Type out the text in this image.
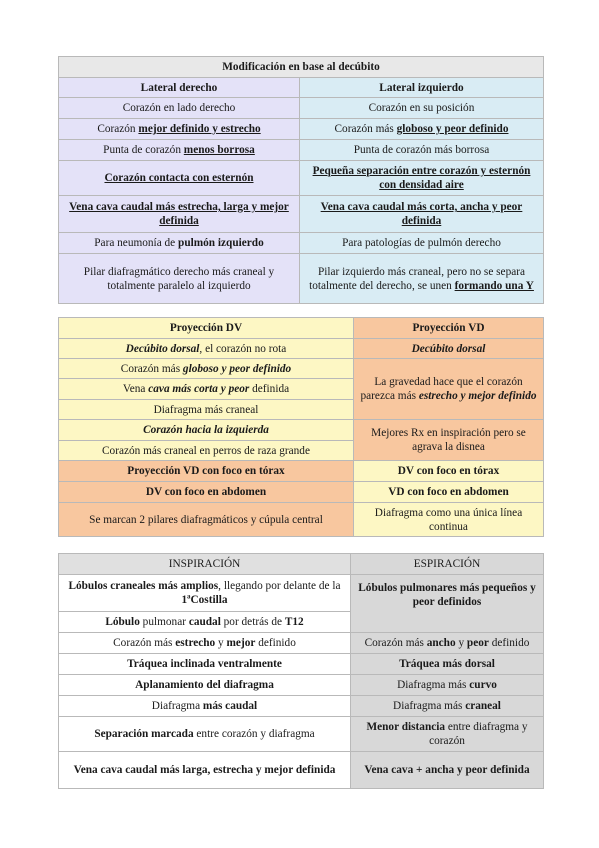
Modificación en base al decúbito	
Lateral derecho	Lateral izquierdo
Corazón en lado derecho	Corazón en su posición
Corazón mejor definido y estrecho	Corazón más globoso y peor definido
Punta de corazón menos borrosa	Punta de corazón más borrosa
Corazón contacta con esternón	Pequeña separación entre corazón y esternón con densidad aire
Vena cava caudal más estrecha, larga y mejor definida	Vena cava caudal más corta, ancha y peor definida
Para neumonía de pulmón izquierdo	Para patologías de pulmón derecho
Pilar diafragmático derecho más craneal y totalmente paralelo al izquierdo	Pilar izquierdo más craneal, pero no se separa totalmente del derecho, se unen formando una Y
Proyección DV	Proyección VD
Decúbito dorsal, el corazón no rota	Decúbito dorsal
Corazón más globoso y peor definido	La gravedad hace que el corazón parezca más estrecho y mejor definido
Vena cava más corta y peor definida	
Diafragma más craneal	
Corazón hacia la izquierda	Mejores Rx en inspiración pero se agrava la disnea
Corazón más craneal en perros de raza grande	
Proyección VD con foco en tórax	DV con foco en tórax
DV con foco en abdomen	VD con foco en abdomen
Se marcan 2 pilares diafragmáticos y cúpula central	Diafragma como una única línea continua
INSPIRACIÓN	ESPIRACIÓN
Lóbulos craneales más amplios, llegando por delante de la 1ªCostilla	Lóbulos pulmonares más pequeños y peor definidos
Lóbulo pulmonar caudal por detrás de T12	
Corazón más estrecho y mejor definido	Corazón más ancho y peor definido
Tráquea inclinada ventralmente	Tráquea más dorsal
Aplanamiento del diafragma	Diafragma más curvo
Diafragma más caudal	Diafragma más craneal
Separación marcada entre corazón y diafragma	Menor distancia entre diafragma y corazón
Vena cava caudal más larga, estrecha y mejor definida	Vena cava + ancha y peor definida
